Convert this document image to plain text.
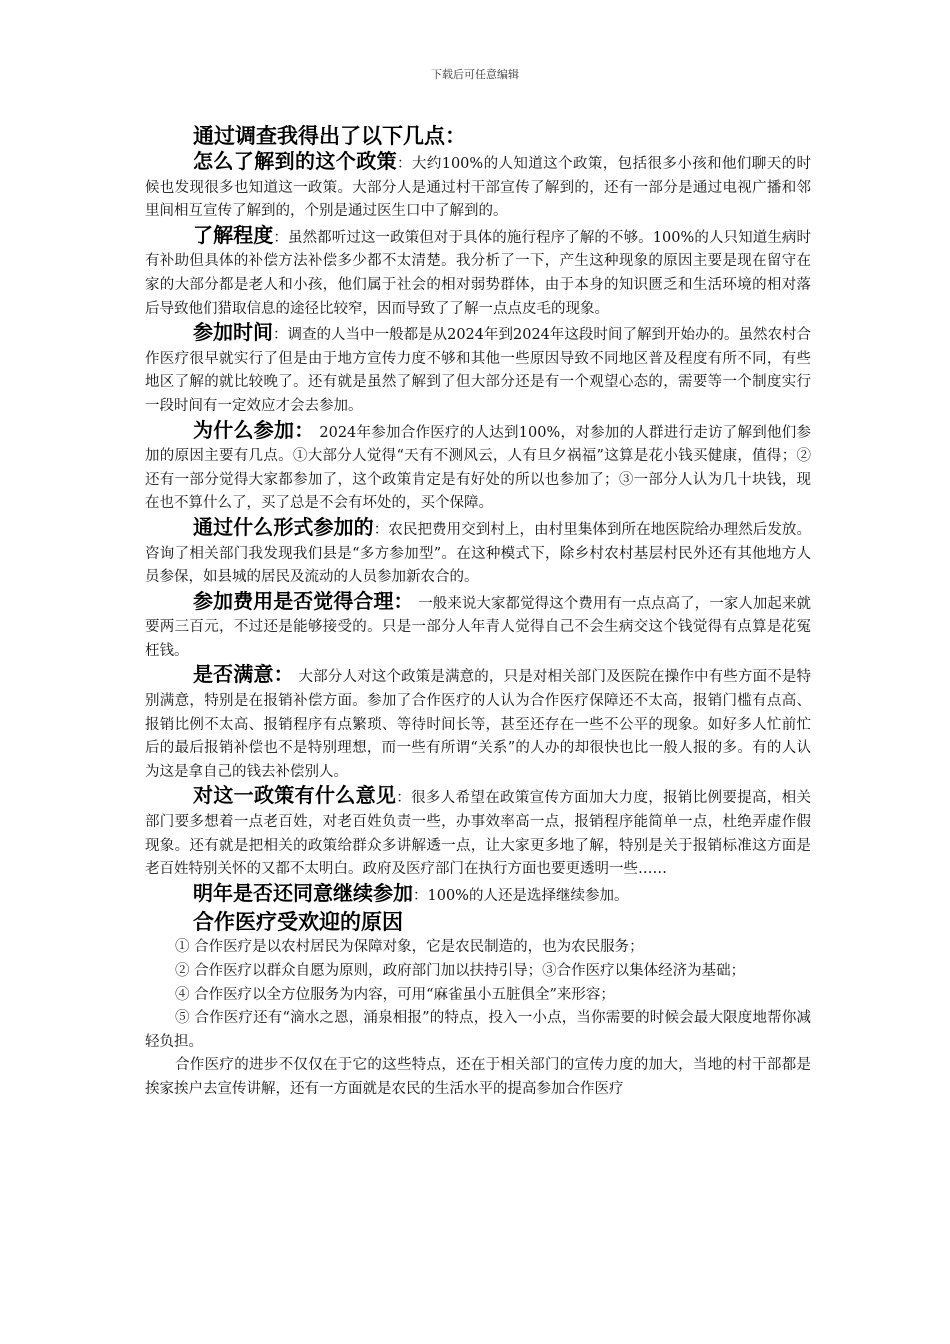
下载后可任意编辑
通过调查我得出了以下几点：

怎么了解到的这个政策：大约100%的人知道这个政策，包括很多小孩和他们聊天的时候也发现很多也知道这一政策。大部分人是通过村干部宣传了解到的，还有一部分是通过电视广播和邻里间相互宣传了解到的，个别是通过医生口中了解到的。

了解程度：虽然都听过这一政策但对于具体的施行程序了解的不够。100%的人只知道生病时有补助但具体的补偿方法补偿多少都不太清楚。我分析了一下，产生这种现象的原因主要是现在留守在家的大部分都是老人和小孩，他们属于社会的相对弱势群体，由于本身的知识匮乏和生活环境的相对落后导致他们猎取信息的途径比较窄，因而导致了了解一点点皮毛的现象。

参加时间：调查的人当中一般都是从2024年到2024年这段时间了解到开始办的。虽然农村合作医疗很早就实行了但是由于地方宣传力度不够和其他一些原因导致不同地区普及程度有所不同，有些地区了解的就比较晚了。还有就是虽然了解到了但大部分还是有一个观望心态的，需要等一个制度实行一段时间有一定效应才会去参加。

为什么参加： 2024年参加合作医疗的人达到100%，对参加的人群进行走访了解到他们参加的原因主要有几点。①大部分人觉得“天有不测风云，人有旦夕祸福”这算是花小钱买健康，值得；②还有一部分觉得大家都参加了，这个政策肯定是有好处的所以也参加了；③一部分人认为几十块钱，现在也不算什么了，买了总是不会有坏处的，买个保障。

通过什么形式参加的：农民把费用交到村上，由村里集体到所在地医院给办理然后发放。咨询了相关部门我发现我们县是“多方参加型”。在这种模式下，除乡村农村基层村民外还有其他地方人员参保，如县城的居民及流动的人员参加新农合的。

参加费用是否觉得合理： 一般来说大家都觉得这个费用有一点点高了，一家人加起来就要两三百元，不过还是能够接受的。只是一部分人年青人觉得自己不会生病交这个钱觉得有点算是花冤枉钱。

是否满意： 大部分人对这个政策是满意的，只是对相关部门及医院在操作中有些方面不是特别满意，特别是在报销补偿方面。参加了合作医疗的人认为合作医疗保障还不太高，报销门槛有点高、报销比例不太高、报销程序有点繁琐、等待时间长等，甚至还存在一些不公平的现象。如好多人忙前忙后的最后报销补偿也不是特别理想，而一些有所谓“关系”的人办的却很快也比一般人报的多。有的人认为这是拿自己的钱去补偿别人。

对这一政策有什么意见：很多人希望在政策宣传方面加大力度，报销比例要提高，相关部门要多想着一点老百姓，对老百姓负责一些，办事效率高一点，报销程序能简单一点，杜绝弄虚作假现象。还有就是把相关的政策给群众多讲解透一点，让大家更多地了解，特别是关于报销标准这方面是老百姓特别关怀的又都不太明白。政府及医疗部门在执行方面也要更透明一些……

明年是否还同意继续参加：100%的人还是选择继续参加。

合作医疗受欢迎的原因

① 合作医疗是以农村居民为保障对象，它是农民制造的，也为农民服务；

② 合作医疗以群众自愿为原则，政府部门加以扶持引导；③合作医疗以集体经济为基础；

④ 合作医疗以全方位服务为内容，可用“麻雀虽小五脏俱全”来形容；

⑤ 合作医疗还有“滴水之恩，涌泉相报”的特点，投入一小点，当你需要的时候会最大限度地帮你减轻负担。

合作医疗的进步不仅仅在于它的这些特点，还在于相关部门的宣传力度的加大，当地的村干部都是挨家挨户去宣传讲解，还有一方面就是农民的生活水平的提高参加合作医疗
